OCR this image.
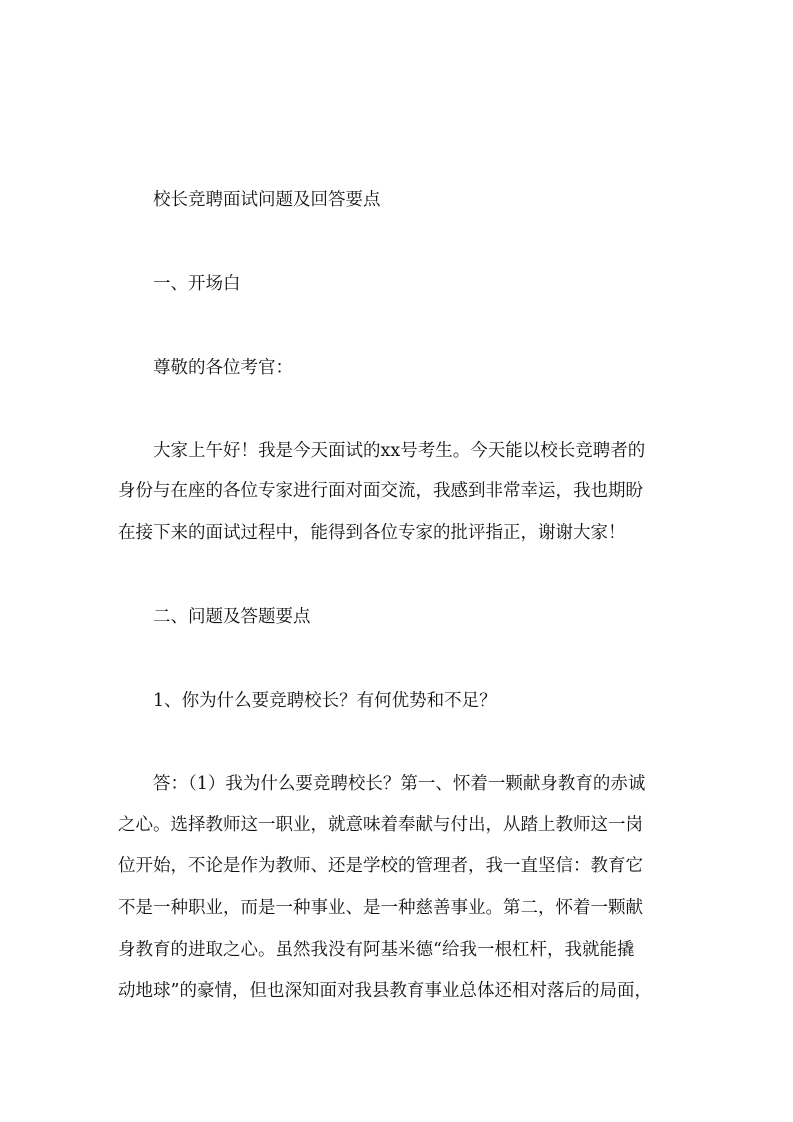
校长竞聘面试问题及回答要点
一、开场白
尊敬的各位考官：
大家上午好！我是今天面试的xx号考生。今天能以校长竞聘者的
身份与在座的各位专家进行面对面交流，我感到非常幸运，我也期盼
在接下来的面试过程中，能得到各位专家的批评指正，谢谢大家！
二、问题及答题要点
1、你为什么要竞聘校长？有何优势和不足？
答：（1）我为什么要竞聘校长？第一、怀着一颗献身教育的赤诚
之心。选择教师这一职业，就意味着奉献与付出，从踏上教师这一岗
位开始，不论是作为教师、还是学校的管理者，我一直坚信：教育它
不是一种职业，而是一种事业、是一种慈善事业。第二，怀着一颗献
身教育的进取之心。虽然我没有阿基米德“给我一根杠杆，我就能撬
动地球”的豪情，但也深知面对我县教育事业总体还相对落后的局面，
